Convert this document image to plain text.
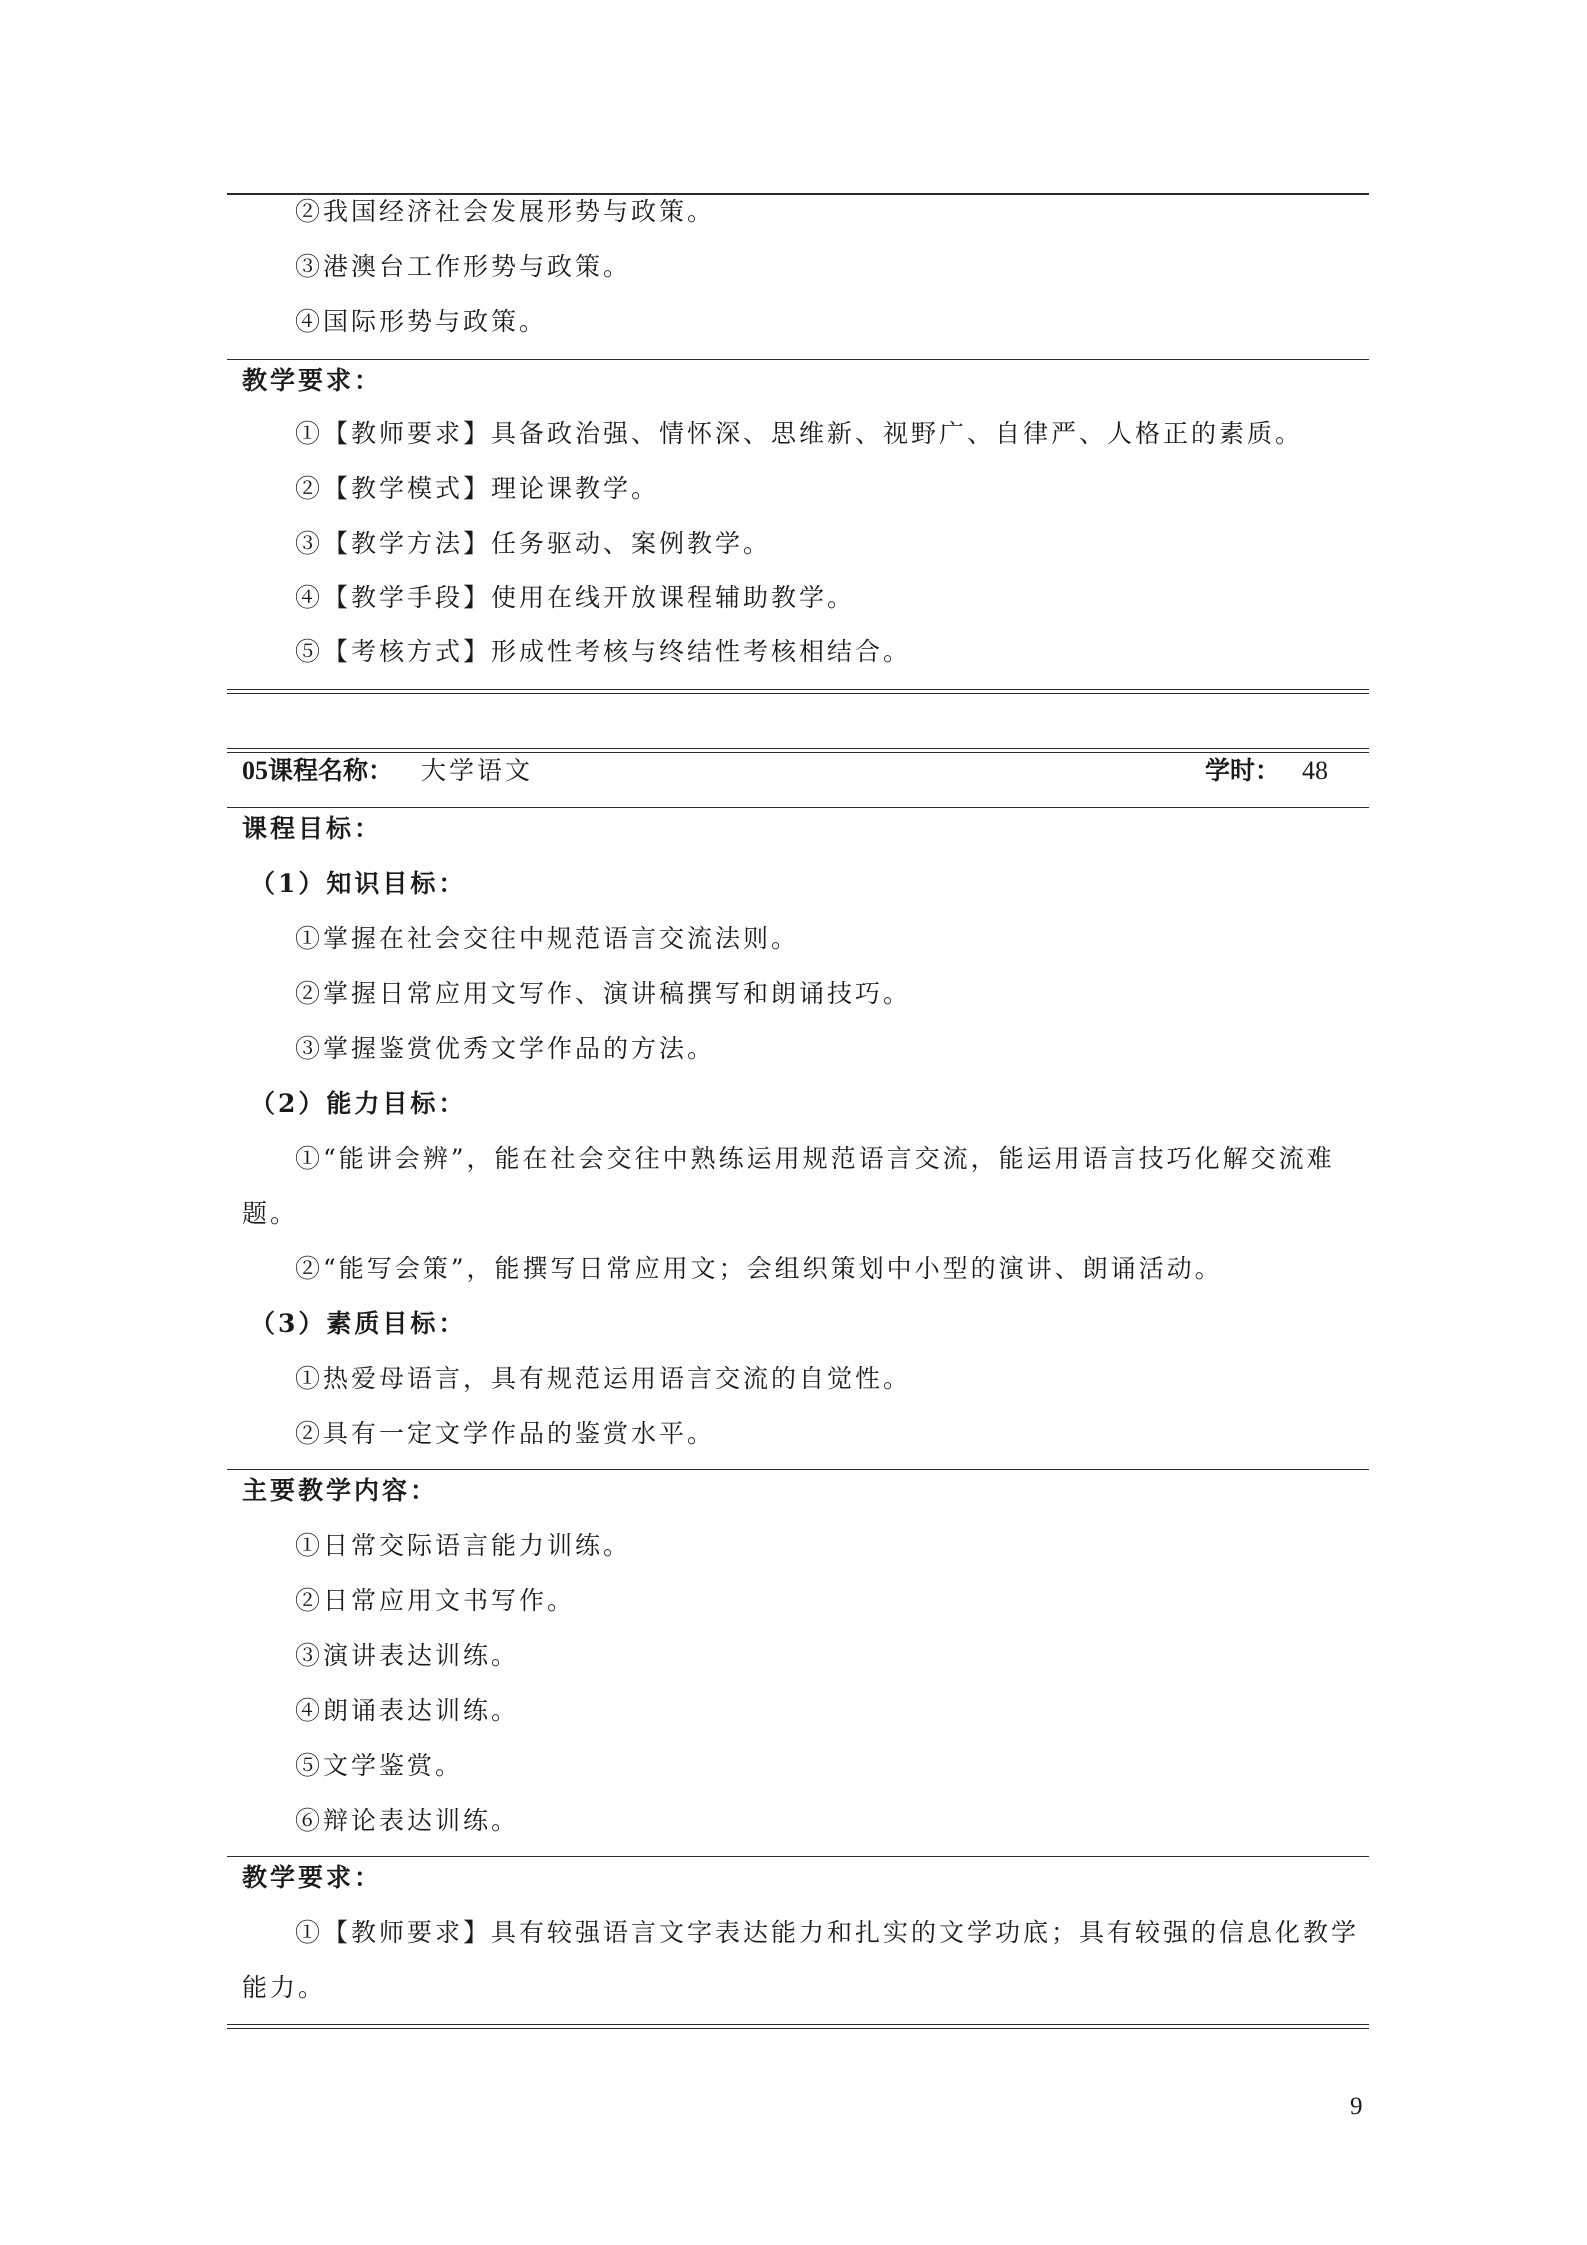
②我国经济社会发展形势与政策。
③港澳台工作形势与政策。
④国际形势与政策。
教学要求：
①【教师要求】具备政治强、情怀深、思维新、视野广、自律严、人格正的素质。
②【教学模式】理论课教学。
③【教学方法】任务驱动、案例教学。
④【教学手段】使用在线开放课程辅助教学。
⑤【考核方式】形成性考核与终结性考核相结合。
05课程名称： 大学语文	学时： 48
课程目标：
（1）知识目标：
①掌握在社会交往中规范语言交流法则。
②掌握日常应用文写作、演讲稿撰写和朗诵技巧。
③掌握鉴赏优秀文学作品的方法。
（2）能力目标：
①“能讲会辨”，能在社会交往中熟练运用规范语言交流，能运用语言技巧化解交流难
题。
②“能写会策”，能撰写日常应用文；会组织策划中小型的演讲、朗诵活动。
（3）素质目标：
①热爱母语言，具有规范运用语言交流的自觉性。
②具有一定文学作品的鉴赏水平。
主要教学内容：
①日常交际语言能力训练。
②日常应用文书写作。
③演讲表达训练。
④朗诵表达训练。
⑤文学鉴赏。
⑥辩论表达训练。
教学要求：
①【教师要求】具有较强语言文字表达能力和扎实的文学功底；具有较强的信息化教学
能力。
9
